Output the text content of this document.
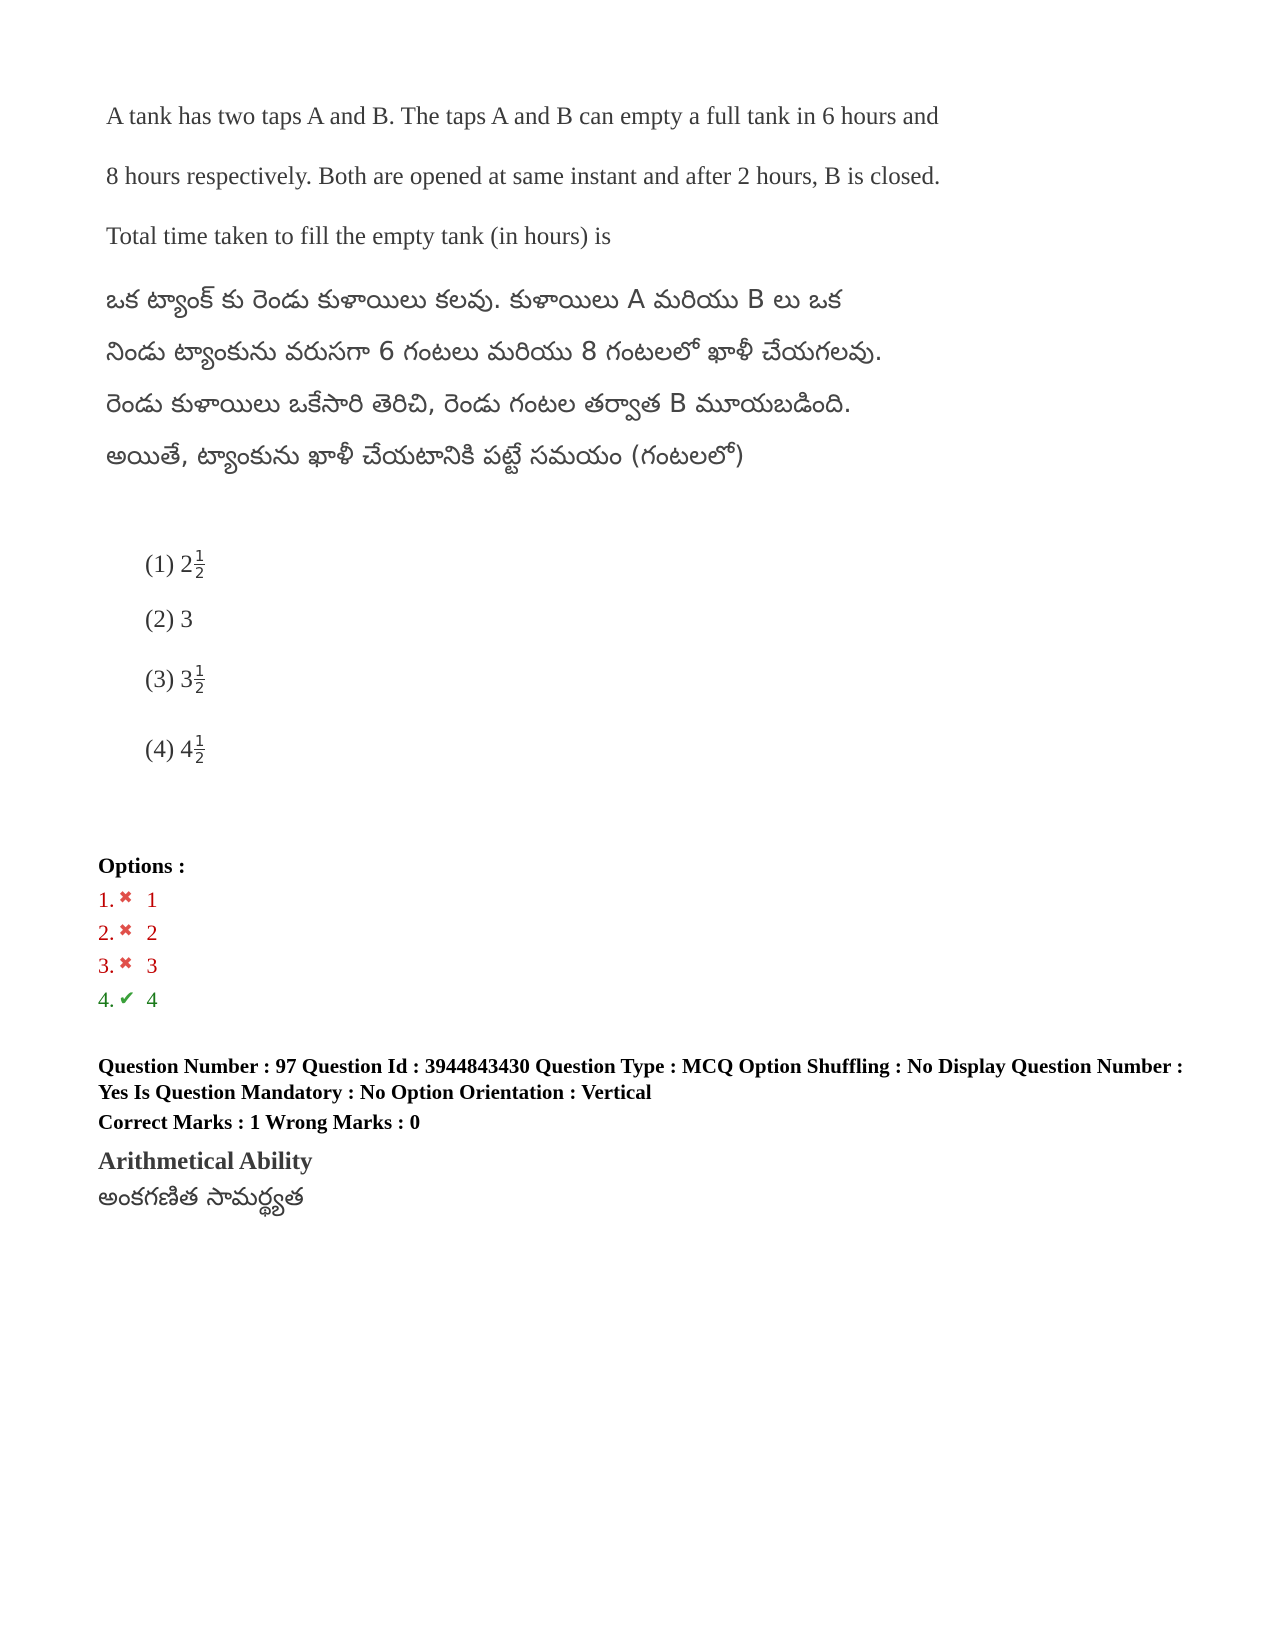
A tank has two taps A and B. The taps A and B can empty a full tank in 6 hours and
8 hours respectively. Both are opened at same instant and after 2 hours, B is closed.
Total time taken to fill the empty tank (in hours) is
ఒక ట్యాంక్ కు రెండు కుళాయిలు కలవు. కుళాయిలు A మరియు B లు ఒక
నిండు ట్యాంకును వరుసగా 6 గంటలు మరియు 8 గంటలలో ఖాళీ చేయగలవు.
రెండు కుళాయిలు ఒకేసారి తెరిచి, రెండు గంటల తర్వాత B మూయబడింది.
అయితే, ట్యాంకును ఖాళీ చేయటానికి పట్టే సమయం (గంటలలో)
(1)
$2 \frac{1}{2}$
(2)
3
(3)
$3 \frac{1}{2}$
(4)
$4 \frac{1}{2}$
Options :
1. ✖ 1
2. ✖ 2
3. ✖ 3
4. ✔ 4
Question Number : 97 Question Id : 3944843430 Question Type : MCQ Option Shuffling : No Display Question Number : Yes Is Question Mandatory : No Option Orientation : Vertical
Correct Marks : 1 Wrong Marks : 0
Arithmetical Ability
అంకగణిత సామర్థ్యత
